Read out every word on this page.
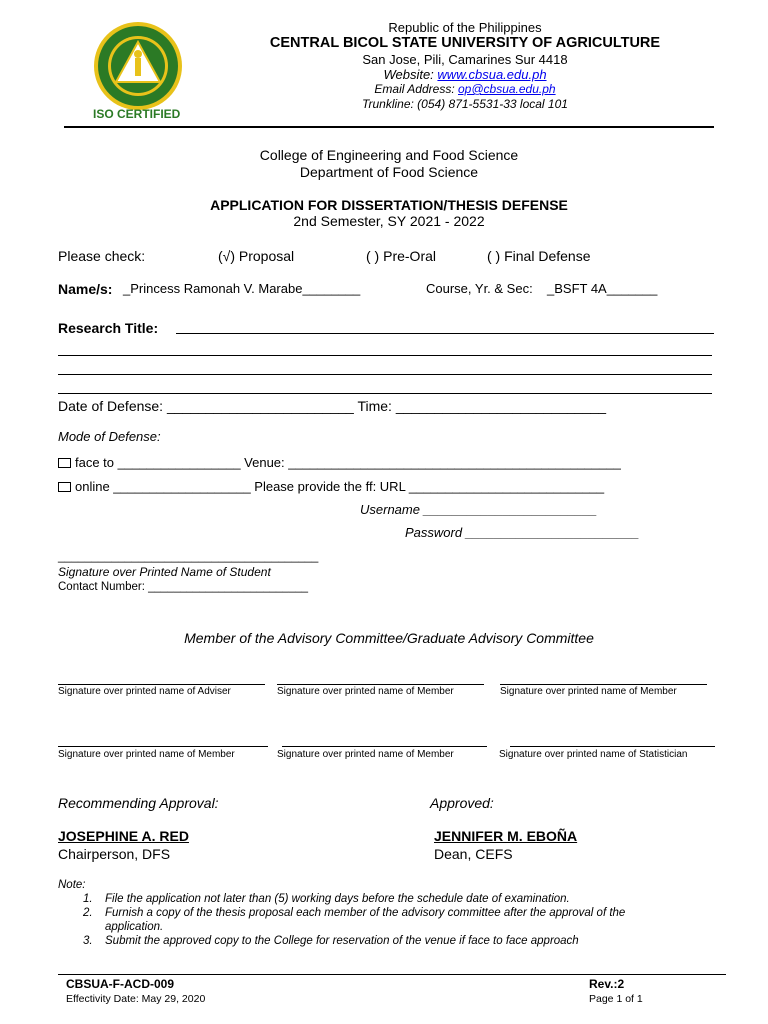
ISO CERTIFIED
Republic of the Philippines
CENTRAL BICOL STATE UNIVERSITY OF AGRICULTURE
San Jose, Pili, Camarines Sur 4418
Website: www.cbsua.edu.ph
Email Address: op@cbsua.edu.ph
Trunkline: (054) 871-5531-33 local 101
College of Engineering and Food Science
Department of Food Science
APPLICATION FOR DISSERTATION/THESIS DEFENSE
2nd Semester, SY 2021 - 2022
Please check:	(√) Proposal	( ) Pre-Oral	( ) Final Defense
Name/s: _Princess Ramonah V. Marabe________	Course, Yr. & Sec: _BSFT 4A_______
Research Title:
Date of Defense: ________________________ Time: ___________________________
Mode of Defense:
face to _________________ Venue: ______________________________________________
online ___________________ Please provide the ff: URL ___________________________
Username ________________________
Password ________________________
_______________________________________
Signature over Printed Name of Student
Contact Number: _________________________
Member of the Advisory Committee/Graduate Advisory Committee
Signature over printed name of Adviser	Signature over printed name of Member	Signature over printed name of Member
Signature over printed name of Member	Signature over printed name of Member	Signature over printed name of Statistician
Recommending Approval:	Approved:
JOSEPHINE A. RED
Chairperson, DFS
JENNIFER M. EBOÑA
Dean, CEFS
Note:
1. File the application not later than (5) working days before the schedule date of examination.
2. Furnish a copy of the thesis proposal each member of the advisory committee after the approval of the
application.
3. Submit the approved copy to the College for reservation of the venue if face to face approach
CBSUA-F-ACD-009
Effectivity Date: May 29, 2020
Rev.:2
Page 1 of 1
